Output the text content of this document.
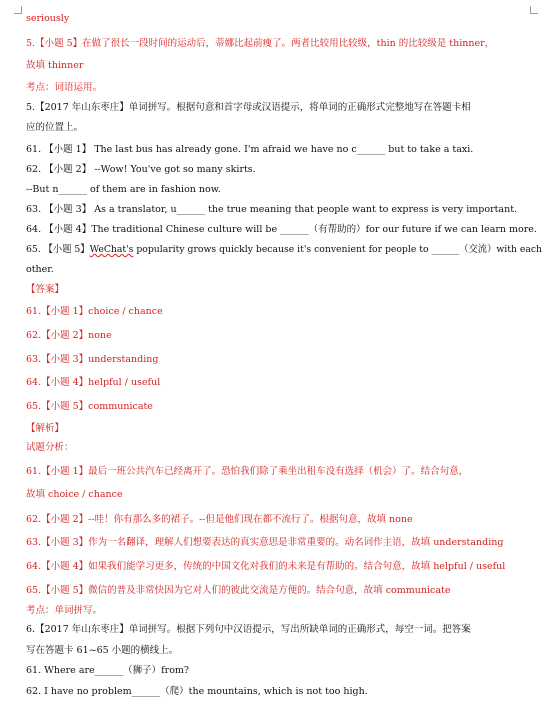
seriously
5.【小题 5】在做了很长一段时间的运动后，蒂娜比起前瘦了。两者比较用比较级，thin 的比较级是 thinner，
故填 thinner
考点：词语运用。
5.【2017 年山东枣庄】单词拼写。根据句意和首字母或汉语提示，将单词的正确形式完整地写在答题卡相
应的位置上。
61. 【小题 1】 The last bus has already gone. I'm afraid we have no c______ but to take a taxi.
62. 【小题 2】 --Wow! You've got so many skirts.
--But n______ of them are in fashion now.
63. 【小题 3】 As a translator, u______ the true meaning that people want to express is very important.
64. 【小题 4】The traditional Chinese culture will be ______（有帮助的）for our future if we can learn more.
65. 【小题 5】WeChat's popularity grows quickly because it's convenient for people to ______（交流）with each
other.
【答案】
61.【小题 1】choice / chance
62.【小题 2】none
63.【小题 3】understanding
64.【小题 4】helpful / useful
65.【小题 5】communicate
【解析】
试题分析：
61.【小题 1】最后一班公共汽车已经离开了。恐怕我们除了乘坐出租车没有选择（机会）了。结合句意，
故填 choice / chance
62.【小题 2】--哇！你有那么多的裙子。--但是他们现在都不流行了。根据句意，故填 none
63.【小题 3】作为一名翻译，理解人们想要表达的真实意思是非常重要的。动名词作主语，故填 understanding
64.【小题 4】如果我们能学习更多，传统的中国文化对我们的未来是有帮助的。结合句意，故填 helpful / useful
65.【小题 5】微信的普及非常快因为它对人们的彼此交流是方便的。结合句意，故填 communicate
考点：单词拼写。
6.【2017 年山东枣庄】单词拼写。根据下列句中汉语提示，写出所缺单词的正确形式，每空一词。把答案
写在答题卡 61~65 小题的横线上。
61. Where are______（狮子）from?
62. I have no problem______（爬）the mountains, which is not too high.
